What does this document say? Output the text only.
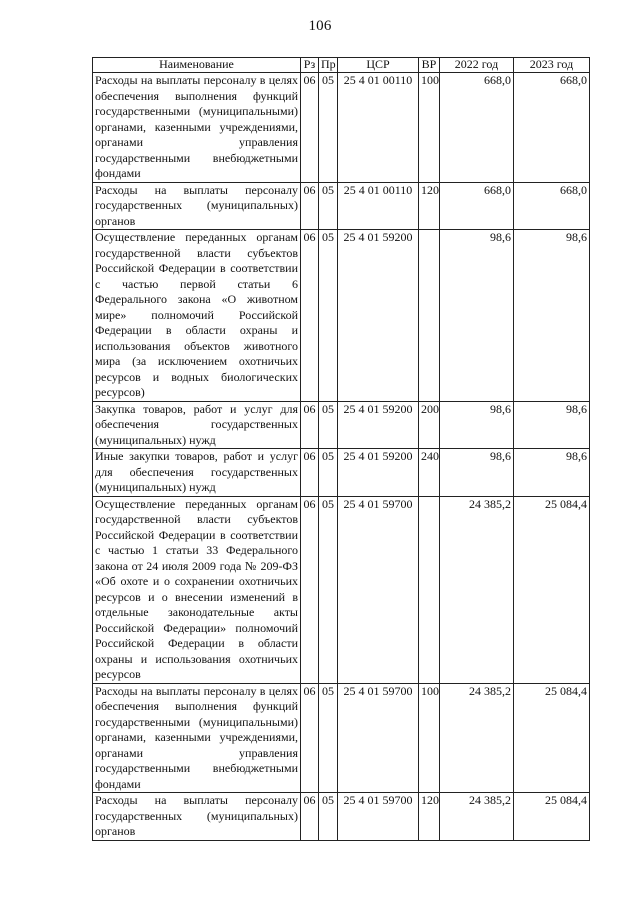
106
Наименование	Рз	Пр	ЦСР	ВР	2022 год	2023 год
Расходы на выплаты персоналу в целях обеспечения выполнения функций государственными (муниципальными) органами, казенными учреждениями, органами управления государственными внебюджетными фондами	06	05	25 4 01 00110	100	668,0	668,0
Расходы на выплаты персоналу государственных (муниципальных) органов	06	05	25 4 01 00110	120	668,0	668,0
Осуществление переданных органам государственной власти субъектов Российской Федерации в соответствии с частью первой статьи 6 Федерального закона «О животном мире» полномочий Российской Федерации в области охраны и использования объектов животного мира (за исключением охотничьих ресурсов и водных биологических ресурсов)	06	05	25 4 01 59200		98,6	98,6
Закупка товаров, работ и услуг для обеспечения государственных (муниципальных) нужд	06	05	25 4 01 59200	200	98,6	98,6
Иные закупки товаров, работ и услуг для обеспечения государственных (муниципальных) нужд	06	05	25 4 01 59200	240	98,6	98,6
Осуществление переданных органам государственной власти субъектов Российской Федерации в соответствии с частью 1 статьи 33 Федерального закона от 24 июля 2009 года № 209-ФЗ «Об охоте и о сохранении охотничьих ресурсов и о внесении изменений в отдельные законодательные акты Российской Федерации» полномочий Российской Федерации в области охраны и использования охотничьих ресурсов	06	05	25 4 01 59700		24 385,2	25 084,4
Расходы на выплаты персоналу в целях обеспечения выполнения функций государственными (муниципальными) органами, казенными учреждениями, органами управления государственными внебюджетными фондами	06	05	25 4 01 59700	100	24 385,2	25 084,4
Расходы на выплаты персоналу государственных (муниципальных) органов	06	05	25 4 01 59700	120	24 385,2	25 084,4
